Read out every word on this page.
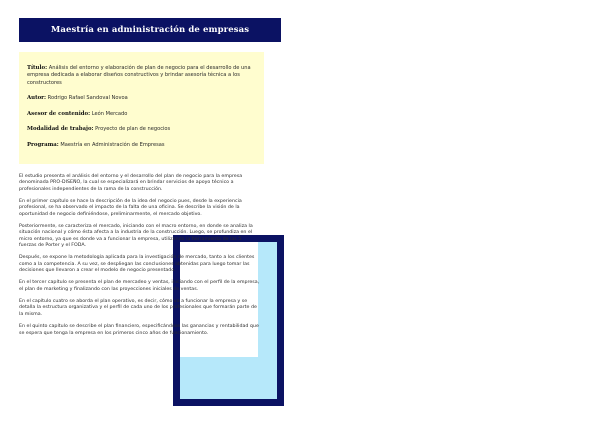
Maestría en administración de empresas

Título: Análisis del entorno y elaboración de plan de negocio para el desarrollo de una empresa dedicada a elaborar diseños constructivos y brindar asesoría técnica a los constructores

Autor: Rodrigo Rafael Sandoval Novoa

Asesor de contenido: León Mercado

Modalidad de trabajo: Proyecto de plan de negocios

Programa: Maestría en Administración de Empresas

El estudio presenta el análisis del entorno y el desarrollo del plan de negocio para la empresa denominada PRO-DISEÑO, la cual se especializará en brindar servicios de apoyo técnico a profesionales independientes de la rama de la construcción.

En el primer capítulo se hace la descripción de la idea del negocio pues, desde la experiencia profesional, se ha observado el impacto de la falta de una oficina. Se describe la visión de la oportunidad de negocio definiéndose, preliminarmente, el mercado objetivo.

Posteriormente, se caracteriza el mercado, iniciando con el macro entorno, en donde se analiza la situación nacional y cómo ésta afecta a la industria de la construcción. Luego, se profundiza en el micro entorno, ya que es donde va a funcionar la empresa, utilizando la herramienta de las 5 fuerzas de Porter y el FODA.

Después, se expone la metodología aplicada para la investigación de mercado, tanto a los clientes como a la competencia. A su vez, se despliegan las conclusiones obtenidas para luego tomar las decisiones que llevaron a crear el modelo de negocio presentado.

En el tercer capítulo se presenta el plan de mercadeo y ventas, iniciando con el perfil de la empresa, el plan de marketing y finalizando con las proyecciones iniciales de ventas.

En el capítulo cuatro se aborda el plan operativo, es decir, cómo va a funcionar la empresa y se detalla la estructura organizativa y el perfil de cada uno de los profesionales que formarán parte de la misma.

En el quinto capítulo se describe el plan financiero, especificándose las ganancias y rentabilidad que se espera que tenga la empresa en los primeros cinco años de funcionamiento.
